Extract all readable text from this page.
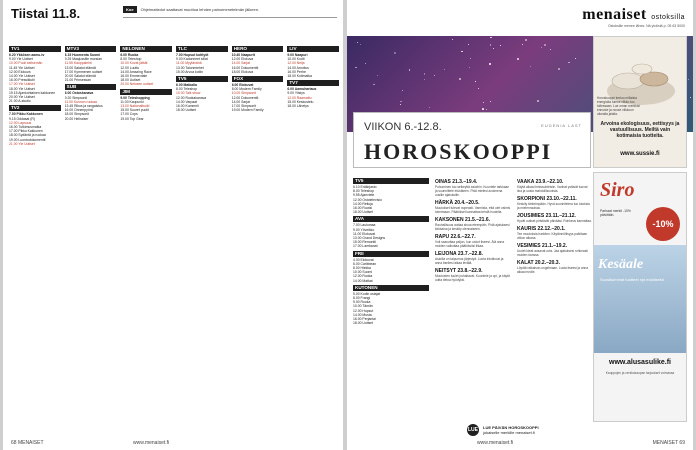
Tiistai 11.8.	Koe	Ohjelmatiedot saattavat muuttua lehden painomenetelmän jälkeen.
TV1
6.20 Ykkösen aamu-tv
9.00 Yle Uutiset
10.00 Puoli seitsemän
11.45 Yle Uutiset
12.00 Elokuva
14.00 Yle Uutiset
16.00 Pressiklubi
17.00 Yle Uutiset
18.00 Yle Uutiset
19.15 Ajankohtainen kakkonen
20.00 Yle Uutiset
21.00 A-studio
TV2
7.00 Pikku Kakkonen
9.15 Oddasat (R)
12.00 Lapsuus
16.00 Tutkimusmatka
17.00 Pikku Kakkonen
18.00 Sydäntä ja ruokaa
19.00 Luontodokumentti
21.00 Yle Uutiset
MTV3
6.15 Huomenta Suomi
9.25 Maajussille morsian
11.55 Kauppalehti
13.00 Salatut elämät
17.00 Kymmenen uutiset
20.00 Salatut elämät
21.00 Prinsessan
SUB
6.00 Ostoskanava
9.20 Simpsonit
11.00 Kunnon ruokaa
13.45 Rikos ja rangaistus
16.00 Onnenpyörä
18.00 Simpsonit
20.00 Hellraiser
NELONEN
6.00 Ruoka
8.00 Teleshop
10.00 Kovat jätkät
12.00 Luuttu
14.00 Amazing Race
16.00 Emmerdale
18.00 Uutiset
20.00 Nelosen uutiset
JIM
9.00 Teleshopping
11.00 Kaupunki
13.00 Nationalbuild
15.00 Suuret puolit
17.00 Cops
19.00 Top Gear
TLC
7.00 Hupsut kotityöt
9.00 Kadonneet sillat
11.00 Myytävänä
13.00 Talonmiehet
15.00 Arvoa kotiin
TV5
6.00 Matkalla
8.00 Teleshop
10.00 Talk show
12.00 Ruokakanava
14.00 Varpaat
16.00 Kummeli
18.00 Uutiset
HERO
10.40 Naapurit
12.00 Elokuva
14.00 Sarjat
16.00 Dokumentit
18.00 Elokuva
FOX
6.00 Elokuvat
8.00 Modern Family
10.00 Simpsonit
12.00 Dokumentit
14.00 Sarjat
17.00 Simpsonit
19.00 Modern Family
LIV
9.00 Naapuri
10.00 Kodit
12.00 Nelja
14.00 Arvoitus
16.00 Perhe
18.00 Kotimatka
TV7
6.00 Aamuhartaus
9.00 Ylistys
12.00 Raamattu
15.00 Keskustelu
18.00 Lähetys
68 MENAISET	www.menaiset.fi
menaiset ostoksilla
Ostoksille menee lähes: Nä yhdistä p. 05 63 5000
VIIKON 6.-12.8.	EUGENIA LAST
HOROSKOOPPI
TV5
6.10 Eräkirjasto
8.00 Teleshop
9.55 Ajanviete
12.00 Ostotelevisio
14.00 Reiluja
16.00 Ruotsi
18.00 Uutiset
AVA
7.00 Laulumaa
9.00 Yöveikko
11.00 Elokuvat
13.00 Grand Designs
15.00 Remontti
17.00 Lambanat
FRII
4.00 Elokuvat
6.00 Caribbean
8.00 Hiekka
10.00 Suomi
12.00 Ruoka
14.00 Matkat
KUTONEN
5.00 Kodin ostajat
8.00 Frangi
9.00 Ruoka
10.00 Tämän
12.00 Hupsut
14.00 Musta
16.00 Perjantai
18.00 Uutiset
OINAS 21.3.–19.4.
Puhuminen tuo selkeyttä asioihin. Kuuntele tarkkaan ja suunnittele etukäteen. Pidä mielesi avoimena uusille ajatuksille.
HÄRKÄ 20.4.–20.5.
Muutokset tulevat nopeasti. Varmista, että olet valmis toimimaan. Päätökset kannattaa tehdä huolella.
KAKSONEN 21.5.–21.6.
Rauhallisuus auttaa sinua eteenpäin. Pidä ajatuksesi kirkkaina ja keskity olennaiseen.
RAPU 22.6.–22.7.
Voit saavuttaa paljon, kun uskot itseesi. Älä anna muiden vaikuttaa päätöksiisi liikaa.
LEIJONA 23.7.–22.8.
Asioilla on taipumus järjestyä. Luota intuitioosi ja anna itsellesi aikaa levätä.
NEITSYT 23.8.–22.9.
Muutosten tuulet puhaltavat. Kuuntele ja opi, ja käytä uutta tietoa hyödyksi.
VAAKA 23.9.–22.10.
Käytä aikaa ihmissuhteisiin. Vanhat ystävät tuovat iloa ja uusia mahdollisuuksia.
SKORPIONI 23.10.–22.11.
Keskity tärkeimpään. Hyvä suunnitelma tuo tuloksia ja mielenrauhaa.
JOUSIMIES 23.11.–21.12.
Hyvät uutiset piristävät päivääsi. Rohkeus kannattaa.
KAURIS 22.12.–20.1.
Tee muutoksia harkiten. Käytännöllisyys palkitaan viikon aikana.
VESIMIES 21.1.–19.2.
Uudet ideat avaavat ovia. Jaa ajatuksesi rohkeasti muiden kanssa.
KALAT 20.2.–20.3.
Löydät ratkaisun ongelmaan. Luota itseesi ja anna aikaa levolle.
LUE LUE PÄIVÄN HOROSKOOPPI
jokaiselle merkille menaiset.fi
www.menaiset.fi	MENAISET 69
Arvoina ekologisuus, eettisyys ja vastuullisuus. Meiltä vain kotimaisia tuotteita.
www.sussie.fi
Siro
Parhaat merkit -10% päivittäin.
-10%
Kesäale
Suosituimmat tuotteet nyt edullisesti
www.alusasulike.fi
Kauppojen ja verkkokaupan tarjoukset voimassa
Horoskooppi kertoo millaisia energioita tuleva viikko tuo tullessaan. Lue oman merkkisi ennuste ja nouse viikkoon oikealla jalalla.
